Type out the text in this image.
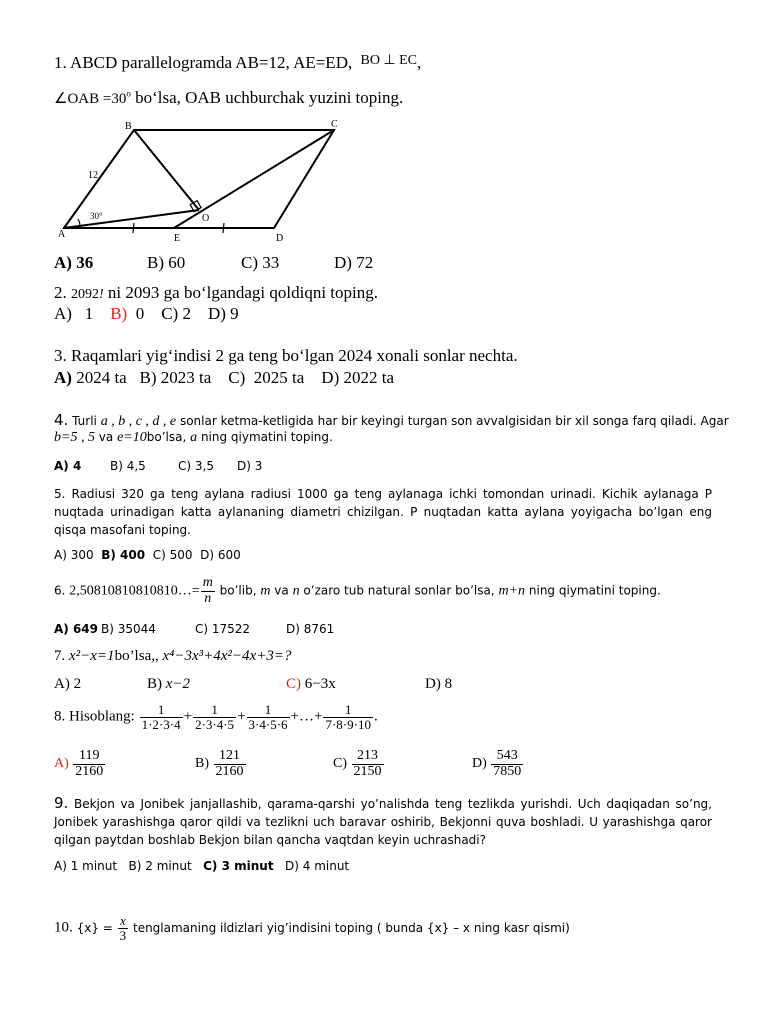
1. ABCD parallelogramda AB=12, AE=ED, $^{BO \perp EC}$,
∠OAB $=30^o$ bo‘lsa, OAB uchburchak yuzini toping.
A
B	C
D
E
O
12
30°
A) 36	B) 60	C) 33	D) 72
2. 2092! ni 2093 ga bo‘lgandagi qoldiqni toping.
A) 1 B) 0 C) 2 D) 9
3. Raqamlari yig‘indisi 2 ga teng bo‘lgan 2024 xonali sonlar nechta.
A) 2024 ta B) 2023 ta C) 2025 ta D) 2022 ta
4. Turli a , b , c , d , e sonlar ketma-ketligida har bir keyingi turgan son avvalgisidan bir xil songa farq qiladi. Agar
b=5 , 5 va e=10bo’lsa, a ning qiymatini toping.
A) 4 B) 4,5	C) 3,5 D) 3
5. Radiusi 320 ga teng aylana radiusi 1000 ga teng aylanaga ichki tomondan urinadi. Kichik aylanaga P nuqtada urinadigan katta aylananing diametri chizilgan. P nuqtadan katta aylana yoyigacha bo’lgan eng qisqa masofani toping.
A) 300 B) 400 C) 500 D) 600
6. 2,50810810810810…= $\frac{m}{n}$ bo’lib, m va n o’zaro tub natural sonlar bo’lsa, m+n ning qiymatini toping.
A) 649 B) 35044	C) 17522	D) 8761
7. x²−x=1bo’lsa,, x⁴−3x³+4x²−4x+3=?
A) 2	B) x−2	C) 6−3x	D) 8
8. Hisoblang: $\frac{1}{1\cdot 2\cdot 3\cdot 4} + \frac{1}{2\cdot 3\cdot 4\cdot 5} + \frac{1}{3\cdot 4\cdot 5\cdot 6}$ +…+ $\frac{1}{7\cdot 8\cdot 9\cdot 10}$ .
$A) \frac{119}{2160}$	$B) \frac{121}{2160}$	$C) \frac{213}{2150}$	$D) \frac{543}{7850}$
9. Bekjon va Jonibek janjallashib, qarama-qarshi yo’nalishda teng tezlikda yurishdi. Uch daqiqadan so’ng, Jonibek yarashishga qaror qildi va tezlikni uch baravar oshirib, Bekjonni quva boshladi. U yarashishga qaror qilgan paytdan boshlab Bekjon bilan qancha vaqtdan keyin uchrashadi?
A) 1 minut B) 2 minut C) 3 minut D) 4 minut
10. $\{x\} = \frac{x}{3}$ tenglamaning ildizlari yig’indisini toping ( bunda {x} – x ning kasr qismi)
